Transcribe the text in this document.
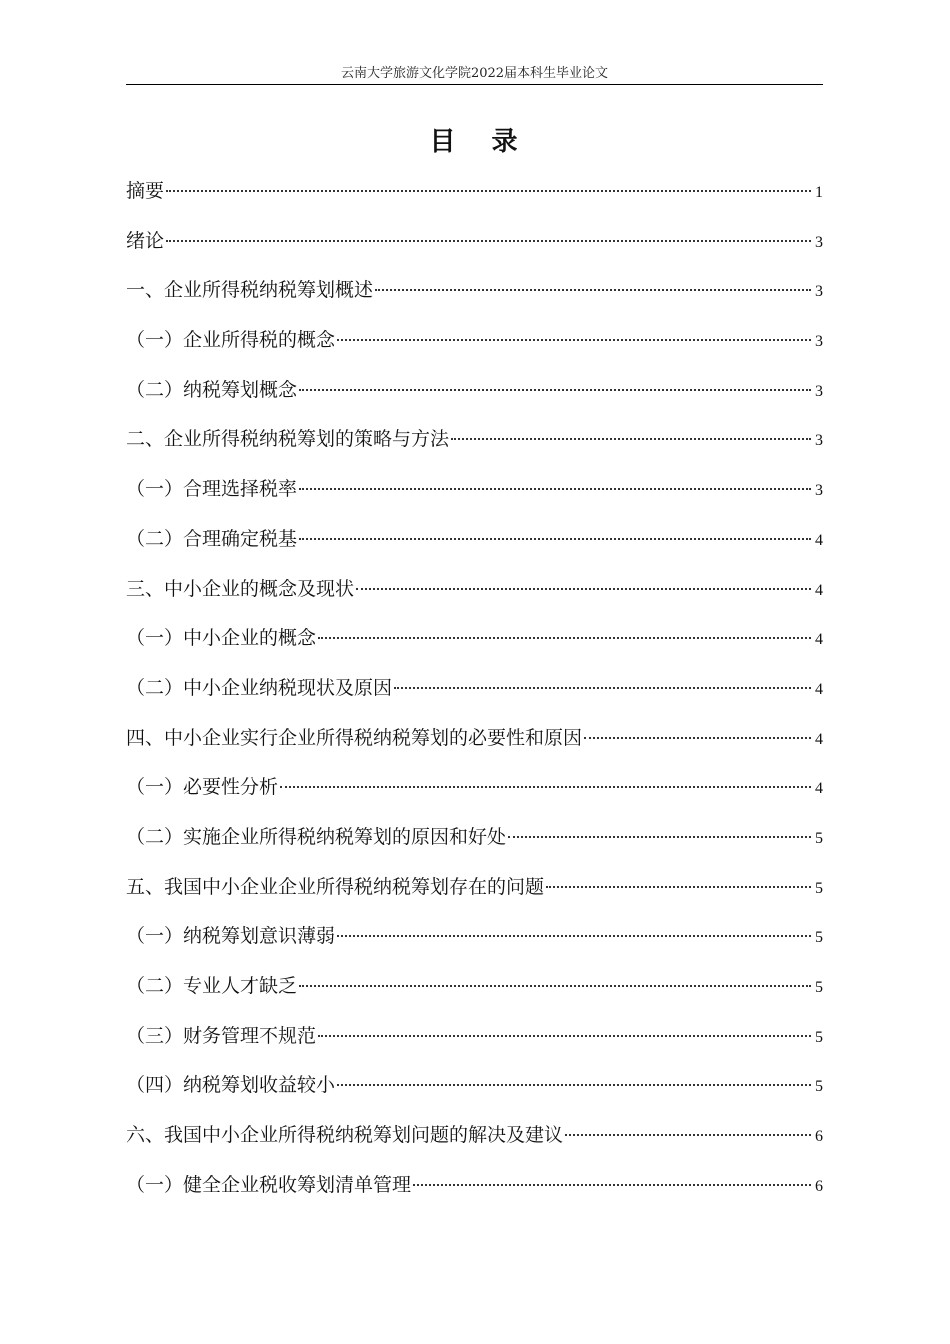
云南大学旅游文化学院2022届本科生毕业论文
目 录
摘要	1
绪论	3
一、企业所得税纳税筹划概述	3
（一）企业所得税的概念	3
（二）纳税筹划概念	3
二、企业所得税纳税筹划的策略与方法	3
（一）合理选择税率	3
（二）合理确定税基	4
三、中小企业的概念及现状	4
（一）中小企业的概念	4
（二）中小企业纳税现状及原因	4
四、中小企业实行企业所得税纳税筹划的必要性和原因	4
（一）必要性分析	4
（二）实施企业所得税纳税筹划的原因和好处	5
五、我国中小企业企业所得税纳税筹划存在的问题	5
（一）纳税筹划意识薄弱	5
（二）专业人才缺乏	5
（三）财务管理不规范	5
（四）纳税筹划收益较小	5
六、我国中小企业所得税纳税筹划问题的解决及建议	6
（一）健全企业税收筹划清单管理	6
